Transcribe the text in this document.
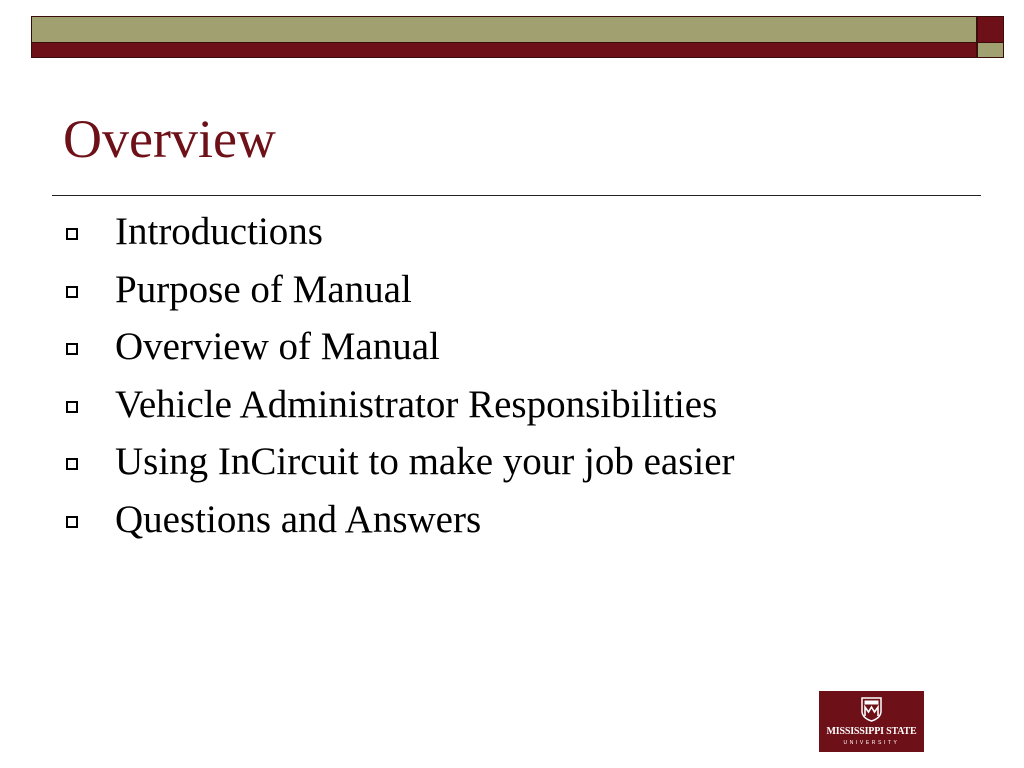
Overview
Introductions
Purpose of Manual
Overview of Manual
Vehicle Administrator Responsibilities
Using InCircuit to make your job easier
Questions and Answers
MISSISSIPPI STATE
UNIVERSITY
